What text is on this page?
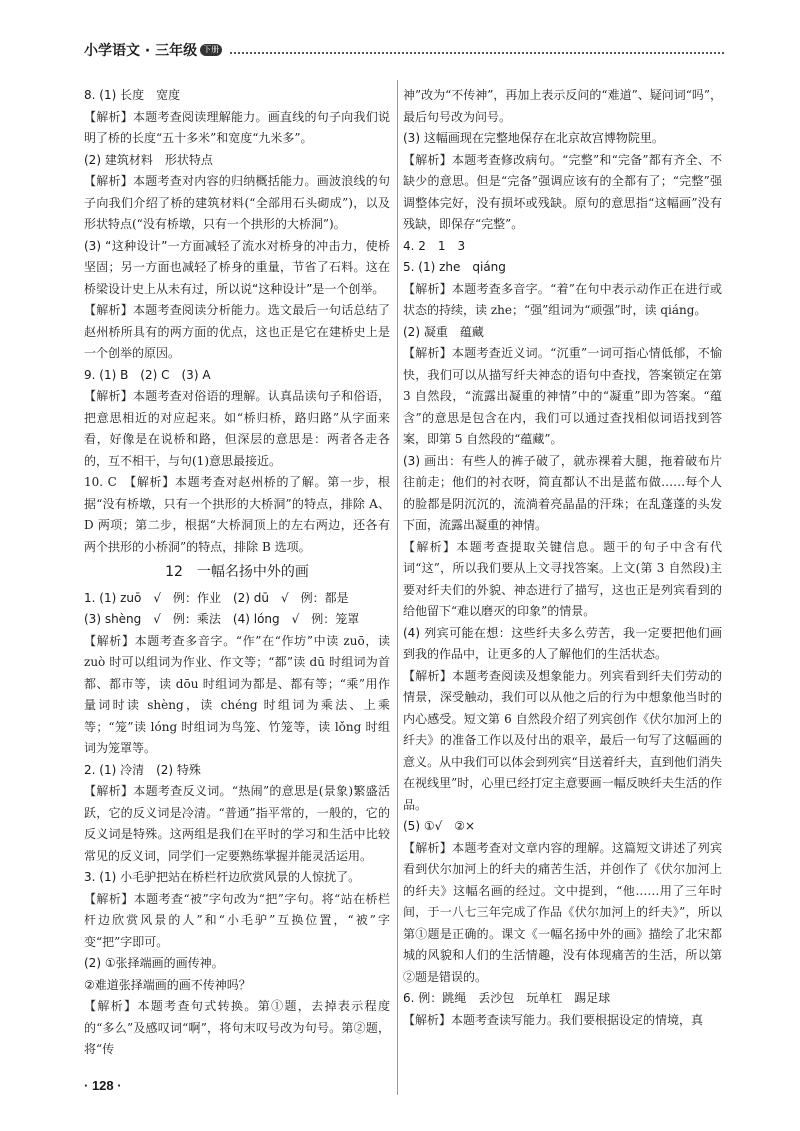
小学语文 · 三年级 下册

8. (1) 长度　宽度

【解析】本题考查阅读理解能力。画直线的句子向我们说明了桥的长度“五十多米”和宽度“九米多”。

(2) 建筑材料　形状特点

【解析】本题考查对内容的归纳概括能力。画波浪线的句子向我们介绍了桥的建筑材料(“全部用石头砌成”)，以及形状特点(“没有桥墩，只有一个拱形的大桥洞”)。

(3) “这种设计”一方面减轻了流水对桥身的冲击力，使桥坚固；另一方面也减轻了桥身的重量，节省了石料。这在桥梁设计史上从未有过，所以说“这种设计”是一个创举。

【解析】本题考查阅读分析能力。选文最后一句话总结了赵州桥所具有的两方面的优点，这也正是它在建桥史上是一个创举的原因。

9. (1) B　(2) C　(3) A

【解析】本题考查对俗语的理解。认真品读句子和俗语，把意思相近的对应起来。如“桥归桥，路归路”从字面来看，好像是在说桥和路，但深层的意思是：两者各走各的，互不相干，与句(1)意思最接近。

10. C　【解析】本题考查对赵州桥的了解。第一步，根据“没有桥墩，只有一个拱形的大桥洞”的特点，排除 A、D 两项；第二步，根据“大桥洞顶上的左右两边，还各有两个拱形的小桥洞”的特点，排除 B 选项。

12　一幅名扬中外的画

1. (1) zuō　√　例：作业　(2) dū　√　例：都是

(3) shèng　√　例：乘法　(4) lóng　√　例：笼罩

【解析】本题考查多音字。“作”在“作坊”中读 zuō，读 zuò 时可以组词为作业、作文等；“都”读 dū 时组词为首都、都市等，读 dōu 时组词为都是、都有等；“乘”用作量词时读 shèng，读 chéng 时组词为乘法、上乘等；“笼”读 lóng 时组词为鸟笼、竹笼等，读 lǒng 时组词为笼罩等。

2. (1) 冷清　(2) 特殊

【解析】本题考查反义词。“热闹”的意思是(景象)繁盛活跃，它的反义词是冷清。“普通”指平常的，一般的，它的反义词是特殊。这两组是我们在平时的学习和生活中比较常见的反义词，同学们一定要熟练掌握并能灵活运用。

3. (1) 小毛驴把站在桥栏杆边欣赏风景的人惊扰了。

【解析】本题考查“被”字句改为“把”字句。将“站在桥栏杆边欣赏风景的人”和“小毛驴”互换位置，“被”字变“把”字即可。

(2) ①张择端画的画传神。

②难道张择端画的画不传神吗？

【解析】本题考查句式转换。第①题，去掉表示程度的“多么”及感叹词“啊”，将句末叹号改为句号。第②题，将“传

神”改为“不传神”，再加上表示反问的“难道”、疑问词“吗”，最后句号改为问号。

(3) 这幅画现在完整地保存在北京故宫博物院里。

【解析】本题考查修改病句。“完整”和“完备”都有齐全、不缺少的意思。但是“完备”强调应该有的全都有了；“完整”强调整体完好，没有损坏或残缺。原句的意思指“这幅画”没有残缺，即保存“完整”。

4. 2　1　3

5. (1) zhe　qiáng

【解析】本题考查多音字。“着”在句中表示动作正在进行或状态的持续，读 zhe；“强”组词为“顽强”时，读 qiáng。

(2) 凝重　蕴藏

【解析】本题考查近义词。“沉重”一词可指心情低郁，不愉快，我们可以从描写纤夫神态的语句中查找，答案锁定在第 3 自然段，“流露出凝重的神情”中的“凝重”即为答案。“蕴含”的意思是包含在内，我们可以通过查找相似词语找到答案，即第 5 自然段的“蕴藏”。

(3) 画出：有些人的裤子破了，就赤裸着大腿，拖着破布片往前走；他们的衬衣呀，简直都认不出是蓝布做……每个人的脸都是阴沉沉的，流淌着亮晶晶的汗珠；在乱蓬蓬的头发下面，流露出凝重的神情。

【解析】本题考查提取关键信息。题干的句子中含有代词“这”，所以我们要从上文寻找答案。上文(第 3 自然段)主要对纤夫们的外貌、神态进行了描写，这也正是列宾看到的给他留下“难以磨灭的印象”的情景。

(4) 列宾可能在想：这些纤夫多么劳苦，我一定要把他们画到我的作品中，让更多的人了解他们的生活状态。

【解析】本题考查阅读及想象能力。列宾看到纤夫们劳动的情景，深受触动，我们可以从他之后的行为中想象他当时的内心感受。短文第 6 自然段介绍了列宾创作《伏尔加河上的纤夫》的准备工作以及付出的艰辛，最后一句写了这幅画的意义。从中我们可以体会到列宾“目送着纤夫，直到他们消失在视线里”时，心里已经打定主意要画一幅反映纤夫生活的作品。

(5) ①√　②×

【解析】本题考查对文章内容的理解。这篇短文讲述了列宾看到伏尔加河上的纤夫的痛苦生活，并创作了《伏尔加河上的纤夫》这幅名画的经过。文中提到，“他……用了三年时间，于一八七三年完成了作品《伏尔加河上的纤夫》”，所以第①题是正确的。课文《一幅名扬中外的画》描绘了北宋都城的风貌和人们的生活情趣，没有体现痛苦的生活，所以第②题是错误的。

6. 例：跳绳　丢沙包　玩单杠　踢足球

【解析】本题考查读写能力。我们要根据设定的情境，真

· 128 ·
